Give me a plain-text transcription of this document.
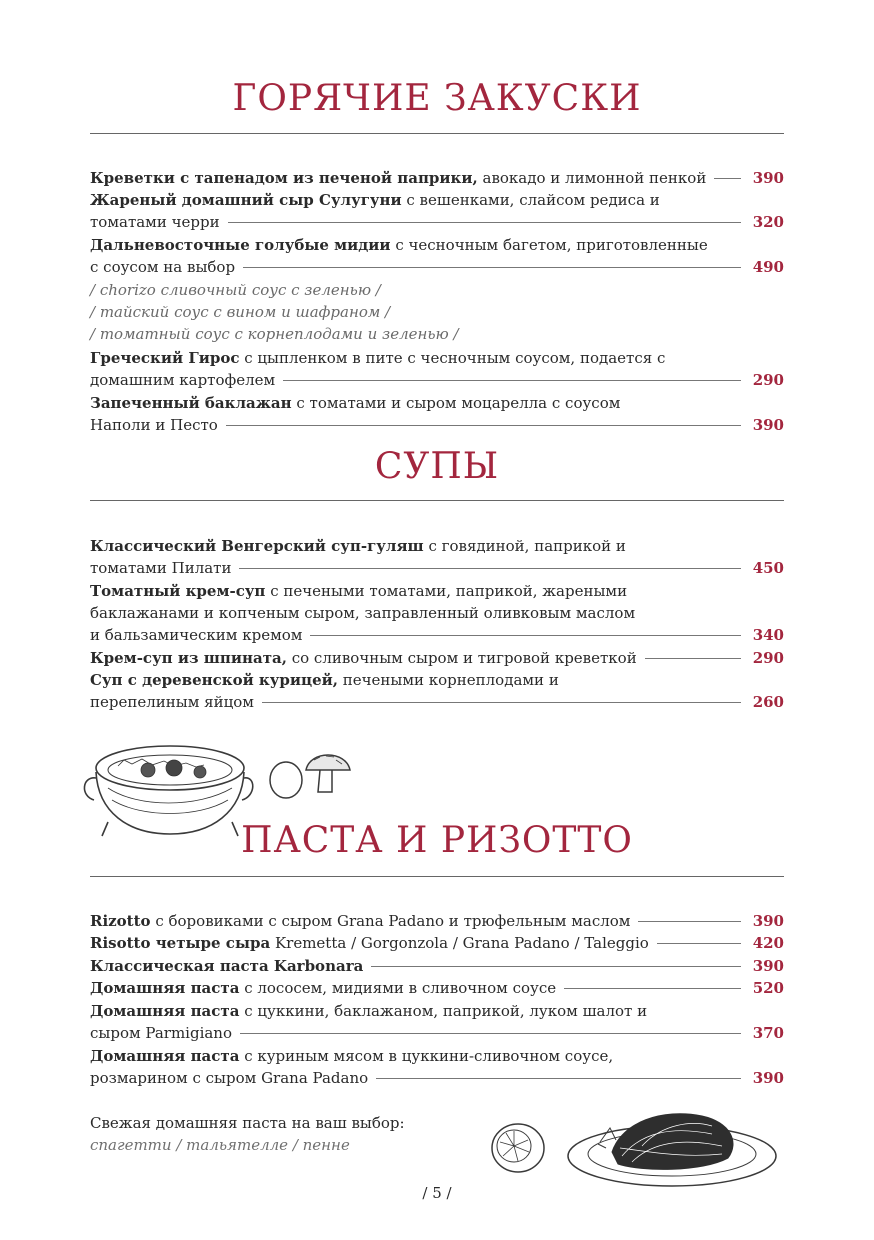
ГОРЯЧИЕ ЗАКУСКИ
Креветки с тапенадом из печеной паприки, авокадо и лимонной пенкой	390
Жареный домашний сыр Сулугуни с вешенками, слайсом редиса и
томатами черри	320
Дальневосточные голубые мидии с чесночным багетом, приготовленные
с соусом на выбор	490
/ chorizo сливочный соус с зеленью /
/ тайский соус с вином и шафраном /
/ томатный соус с корнеплодами и зеленью /
Греческий Гирос с цыпленком в пите с чесночным соусом, подается с
домашним картофелем	290
Запеченный баклажан с томатами и сыром моцарелла с соусом
Наполи и Песто	390
СУПЫ
Классический Венгерский суп-гуляш с говядиной, паприкой и
томатами Пилати	450
Томатный крем-суп с печеными томатами, паприкой, жареными
баклажанами и копченым сыром, заправленный оливковым маслом
и бальзамическим кремом	340
Крем-суп из шпината, со сливочным сыром и тигровой креветкой	290
Суп с деревенской курицей, печеными корнеплодами и
перепелиным яйцом	260
ПАСТА И РИЗОТТО
Rizotto с боровиками с сыром Grana Padano и трюфельным маслом	390
Risotto четыре сыра Kremetta / Gorgonzola / Grana Padano / Taleggio	420
Классическая паста Karbonara	390
Домашняя паста с лососем, мидиями в сливочном соусе	520
Домашняя паста с цуккини, баклажаном, паприкой, луком шалот и
сыром Parmigiano	370
Домашняя паста с куриным мясом в цуккини-сливочном соусе,
розмарином с сыром Grana Padano	390
Свежая домашняя паста на ваш выбор:
спагетти / тальятелле / пенне
/ 5 /
